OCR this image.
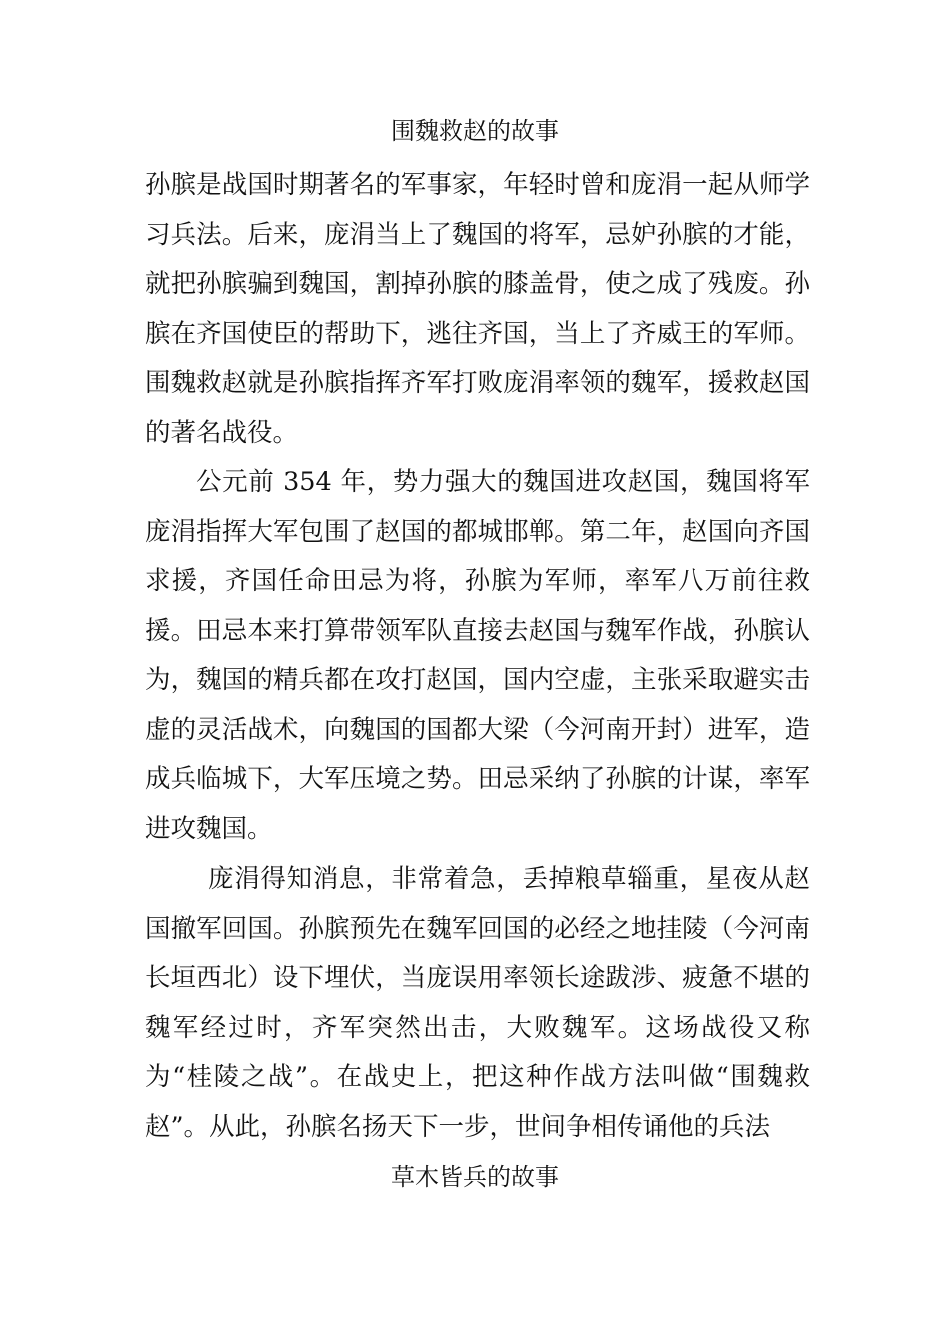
围魏救赵的故事

孙膑是战国时期著名的军事家，年轻时曾和庞涓一起从师学习兵法。后来，庞涓当上了魏国的将军，忌妒孙膑的才能，就把孙膑骗到魏国，割掉孙膑的膝盖骨，使之成了残废。孙膑在齐国使臣的帮助下，逃往齐国，当上了齐威王的军师。围魏救赵就是孙膑指挥齐军打败庞涓率领的魏军，援救赵国的著名战役。

公元前 354 年，势力强大的魏国进攻赵国，魏国将军庞涓指挥大军包围了赵国的都城邯郸。第二年，赵国向齐国求援，齐国任命田忌为将，孙膑为军师，率军八万前往救援。田忌本来打算带领军队直接去赵国与魏军作战，孙膑认为，魏国的精兵都在攻打赵国，国内空虚，主张采取避实击虚的灵活战术，向魏国的国都大梁（今河南开封）进军，造成兵临城下，大军压境之势。田忌采纳了孙膑的计谋，率军进攻魏国。

庞涓得知消息，非常着急，丢掉粮草辎重，星夜从赵国撤军回国。孙膑预先在魏军回国的必经之地挂陵（今河南长垣西北）设下埋伏，当庞误用率领长途跋涉、疲惫不堪的魏军经过时，齐军突然出击，大败魏军。这场战役又称为“桂陵之战”。在战史上，把这种作战方法叫做“围魏救赵”。从此，孙膑名扬天下一步，世间争相传诵他的兵法

草木皆兵的故事
